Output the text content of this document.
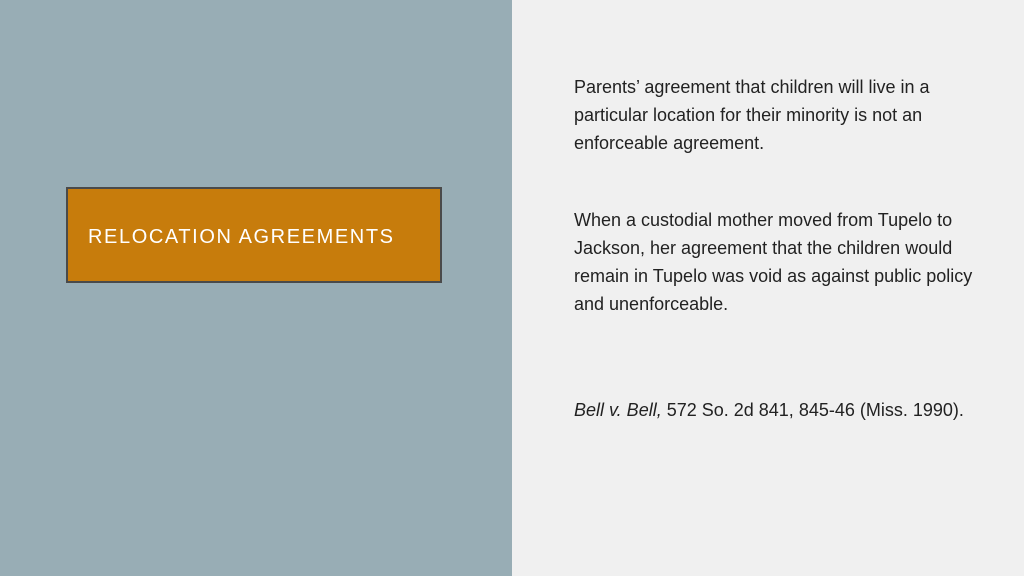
RELOCATION AGREEMENTS

Parents’ agreement that children will live in a particular location for their minority is not an enforceable agreement.

When a custodial mother moved from Tupelo to Jackson, her agreement that the children would remain in Tupelo was void as against public policy and unenforceable.

Bell v. Bell, 572 So. 2d 841, 845-46 (Miss. 1990).
